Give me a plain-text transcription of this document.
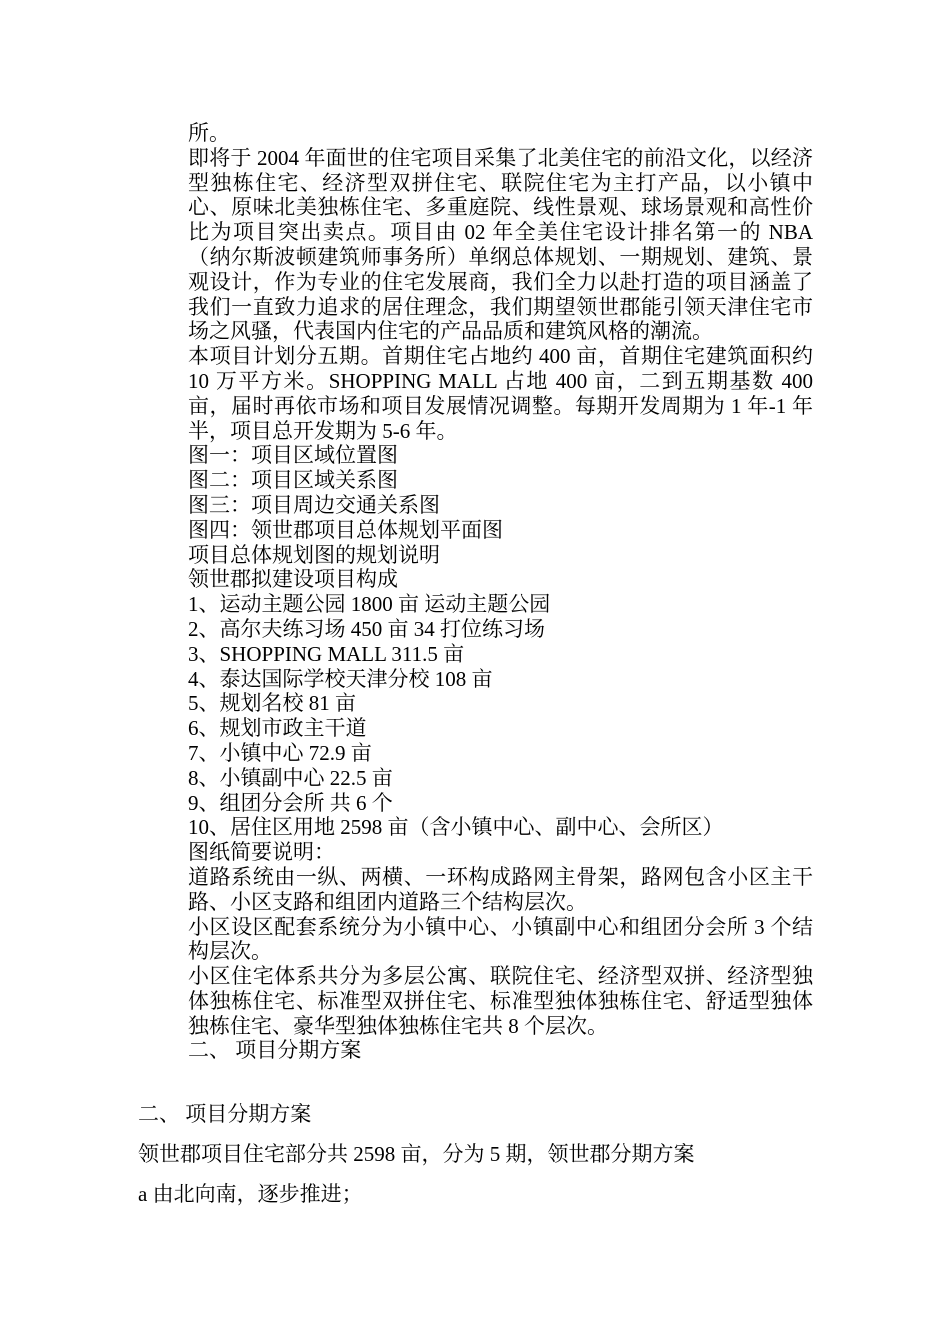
所。

即将于 2004 年面世的住宅项目采集了北美住宅的前沿文化，以经济型独栋住宅、经济型双拼住宅、联院住宅为主打产品，以小镇中心、原味北美独栋住宅、多重庭院、线性景观、球场景观和高性价比为项目突出卖点。项目由 02 年全美住宅设计排名第一的 NBA（纳尔斯波顿建筑师事务所）单纲总体规划、一期规划、建筑、景观设计，作为专业的住宅发展商，我们全力以赴打造的项目涵盖了我们一直致力追求的居住理念，我们期望领世郡能引领天津住宅市场之风骚，代表国内住宅的产品品质和建筑风格的潮流。

本项目计划分五期。首期住宅占地约 400 亩，首期住宅建筑面积约 10 万平方米。SHOPPING MALL 占地 400 亩，二到五期基数 400 亩，届时再依市场和项目发展情况调整。每期开发周期为 1 年-1 年半，项目总开发期为 5-6 年。

图一：项目区域位置图

图二：项目区域关系图

图三：项目周边交通关系图

图四：领世郡项目总体规划平面图

项目总体规划图的规划说明

领世郡拟建设项目构成

1、运动主题公园 1800 亩 运动主题公园

2、高尔夫练习场 450 亩 34 打位练习场

3、SHOPPING MALL 311.5 亩

4、泰达国际学校天津分校 108 亩

5、规划名校 81 亩

6、规划市政主干道

7、小镇中心 72.9 亩

8、小镇副中心 22.5 亩

9、组团分会所 共 6 个

10、居住区用地 2598 亩（含小镇中心、副中心、会所区）

图纸简要说明：

道路系统由一纵、两横、一环构成路网主骨架，路网包含小区主干路、小区支路和组团内道路三个结构层次。

小区设区配套系统分为小镇中心、小镇副中心和组团分会所 3 个结构层次。

小区住宅体系共分为多层公寓、联院住宅、经济型双拼、经济型独体独栋住宅、标准型双拼住宅、标准型独体独栋住宅、舒适型独体独栋住宅、豪华型独体独栋住宅共 8 个层次。

二、 项目分期方案

二、 项目分期方案

领世郡项目住宅部分共 2598 亩，分为 5 期，领世郡分期方案

a 由北向南，逐步推进；
